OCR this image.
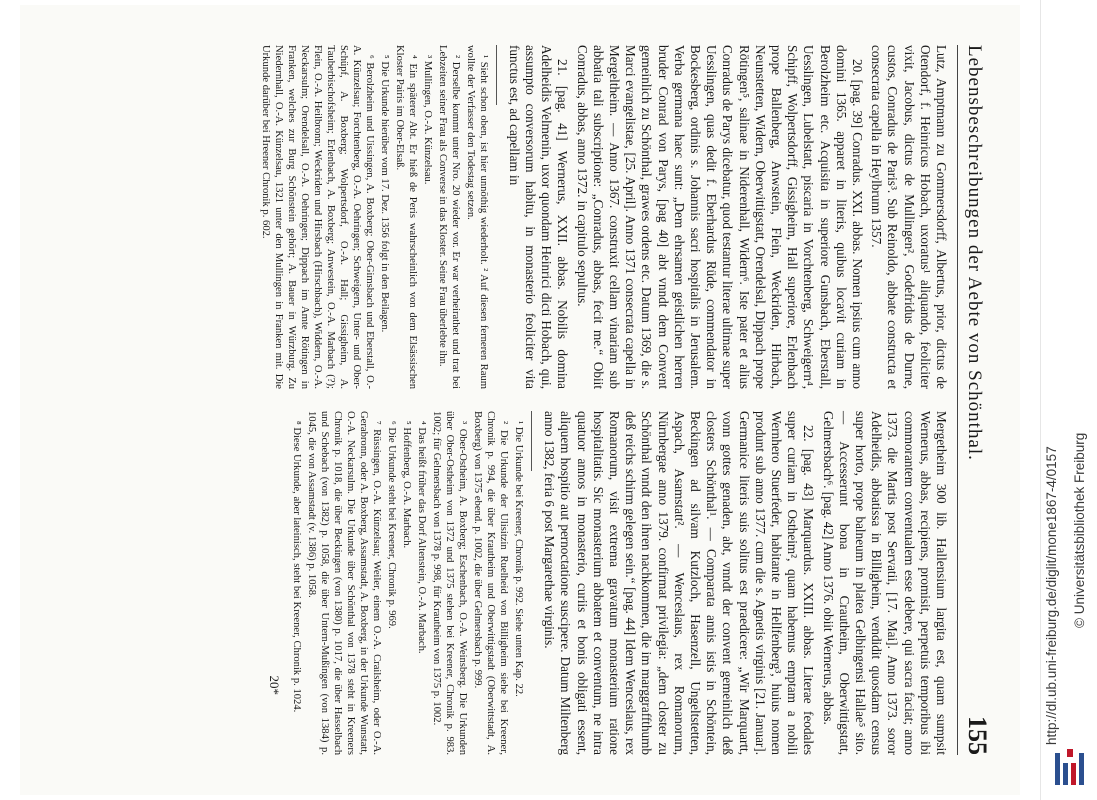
Lebensbeschreibungen der Aebte von Schönthal.
155

Lutz, Amptmann zu Gommersdorff, Albertus, prior, dictus de Otendorf, f. Heinricus Hobach, uxoratus¹ aliquando, feoliciter vixit, Jacobus, dictus de Mullingen², Godefridus de Durne, custos, Conradus de Paris³. Sub Reinoldo, abbate constructa et consecrata capella in Heylbrunn 1357.

20. [pag. 39] Conradus. XXI. abbas. Nomen ipsius cum anno domini 1365. apparet in literis, quibus locavit curiam in Berolzheim etc. Acquisita in superiore Gunsbach, Eberstall, Uesslingen, Lubelstatt, piscaria in Vorchtenberg, Schweigern⁴, Schipff, Wolpertsdorff, Gissigheim, Hall superiore, Erlenbach prope Ballenberg, Anwstein, Flein, Weckriden, Hirbach, Neunstetten, Widern, Oberwittigstatt, Orendelsal, Dippach prope Rötingen⁵, salinae in Niderenhall, Widern⁶. Iste pater et alius Conradus de Parys dicebatur, quod testantur literae ultimae super Uesslingen, quas dedit f. Eberhardus Rüde, commendator in Bockesberg, ordinis s. Johannis sacri hospitalis in Jerusalem. Verba germana haec sunt: „Dem ehrsamen geistlichen herren bruder Conrad von Parys, [pag 40] abt vnndt dem Convent gemeinlich zu Schönthal, grawes ordens etc. Datum 1369, die s. Marci evangelistae, [25. April]. Anno 1371 consecrata capella in Mergeltheim. — Anno 1367. construxit cellam vinariam sub abbatia tali subscriptione: „Conradus, abbas, fecit me.“ Obiit Conradus, abbas, anno 1372. in capitulo sepultus.

21. [pag. 41] Wernerus, XXII. abbas. Nobilis domina Adelheidis Velmenin, uxor quondam Heinrici dicti Hobach, qui, assumpto conversorum habitu, in monasterio feoliciter vita functus est, ad capellam in

¹ Sieht schon oben, ist hier unnöthig wiederholt. ² Auf diesen ferneren Raum wollte der Verfasser den Todestag setzen.

² Derselbe kommt unter Nro. 20 wieder vor. Er war verheirathet und trat bei Lebzeiten seiner Frau als Converse in das Kloster. Seine Frau überlebte ihn.

³ Mullingen, O.-A. Künzelsau.

⁴ Ein späterer Abt. Er hieß de Peris wahrscheinlich von dem Elsässischen Kloster Pairis im Ober-Elsaß.

⁵ Die Urkunde hierüber vom 17. Dez. 1356 folgt in den Beilagen.

⁶ Berolzheim und Uissingen, A. Boxberg; Ober-Gimsbach und Eberstall, O.-A. Künzelsau; Forchtenberg, O.-A. Oehringen; Schweigern, Unter- und Ober-Schüpf, A. Boxberg; Wolpertsdorf, O.-A. Hall; Gissigheim, A. Tauberbischofsheim; Erlenbach, A. Boxberg; Anwestein, O.-A. Marbach (?); Flein, O.-A. Heilbronn; Weckriden und Hirsbach (Hirschbach), Widdern, O.-A. Neckarsulm; Orendelsall, O.-A. Oehringen; Dippach im Amte Rötingen in Franken, welches zur Burg Schönstein gehört; A. Bauer in Würzburg. Zu Niedernhall, O.-A. Künzelsau, 1321 unter den Mullingen in Franken mit. Die Urkunde darüber bei Hreener Chronik p. 602.

Mergetheim 300 lib. Hallensium largita est, quam sumpsit Wernerus, abbas, recipiens, promisit, perpetuis temporibus ibi commorantem conventualem esse debere, qui sacra faciat; anno 1373. die Martis post Servatii, [17. Mai]. Anno 1373. soror Adelheidis, abbatissa in Billigheim, vendidit quosdam census super horto, prope balneum in platea Gelbingensi Hallae⁵ sito. — Accesserunt bona in Crautheim, Oberwittigstatt, Gelmersbach⁶. [pag. 42] Anno 1376. obiit Wernerus, abbas.

22. [pag. 43] Marquardus. XXIII. abbas. Literae feodales super curiam in Ostheim², quam habemus emptam a nobili Wernhero Stuerfeder, habitante in Hellfenberg³, huius nomen produnt sub anno 1377. cum die s. Agnetis virginis [21. Januar]. Germanice literis suis solitus est praedicere: „Wir Marquartt, vonn gottes genaden, abt, vnndt der convent gemeinlich deß closters Schönthal¹. — Comparata annis istis in Schöntein, Beckingen ad silvam Kutzloch, Hasenzell, Ungeltstetten, Aspach, Asamstatt². — Wenceslaus, rex Romanorum, Nürnbergae anno 1379. confirmat privilegia: „dem closter zu Schönthal vnndt den ihren nachkommen, die im marggraffthumb deß reichs schirm gelegen sein.“ [pag. 44] Idem Wenceslaus, rex Romanorum, visit extrema gravatum monasterium ratione hospitalitatis. Sic monasterium abbatem et conventum, ne intra quatuor annos in monasterio, curiis et bonis obligati essent, aliquem hospitio aut pernoctatione suscipere. Datum Miltenberg anno 1382, feria 6 post Margarethae virginis.

¹ Die Urkunde bei Kreener, Chronik p. 992. Siehe unten Kap. 22.

² Die Urkunde der Ulisitzin Ruelheid von Billigheim siehe bei Kreener, Chronik p. 994, die über Krautheim und Oberwittigstadt (Oberwittstadt, A. Boxberg) von 1375 ebend. p. 1002, die über Gelmersbach p. 999.

³ Ober-Ostheim, A. Boxberg; Eschenbach, O.-A. Weinsberg. Die Urkunden über Ober-Ostheim von 1372 und 1375 stehen bei Kreener, Chronik p. 983. 1002; für Gelmersbach von 1378 p. 998, für Krautheim von 1375 p. 1002.

⁴ Das heißt früher das Dorf Altenstein, O.-A. Marbach.

⁵ Hoffenberg, O.-A. Marbach.

⁶ Die Urkunde steht bei Kreener, Chronik p. 969.

⁷ Rüssingen, O.-A. Künzelsau; Weiler, einem O.-A. Crailsheim, oder O.-A. Gerabronn, oder A. Boxberg, Assamstadt, A. Boxberg, in der Urkunde Wunstatt, O.-A. Neckarsulm. Die Urkunde über Schönthal von 1378 steht in Kreeners Chronik p. 1018, die über Beckingen (von 1380) p. 1017, die über Hasselbach und Schebach (von 1382) p. 1058, die über Untern-Mußingen (von 1384) p. 1045, die von Assamstadt (v. 1386) p. 1058.

⁸ Diese Urkunde, aber lateinisch, steht bei Kreener, Chronik p. 1024.

20*	http://dl.ub.uni-freiburg.de/diglit/mone1867-4/0157 © Universitätsbibliothek Freiburg
